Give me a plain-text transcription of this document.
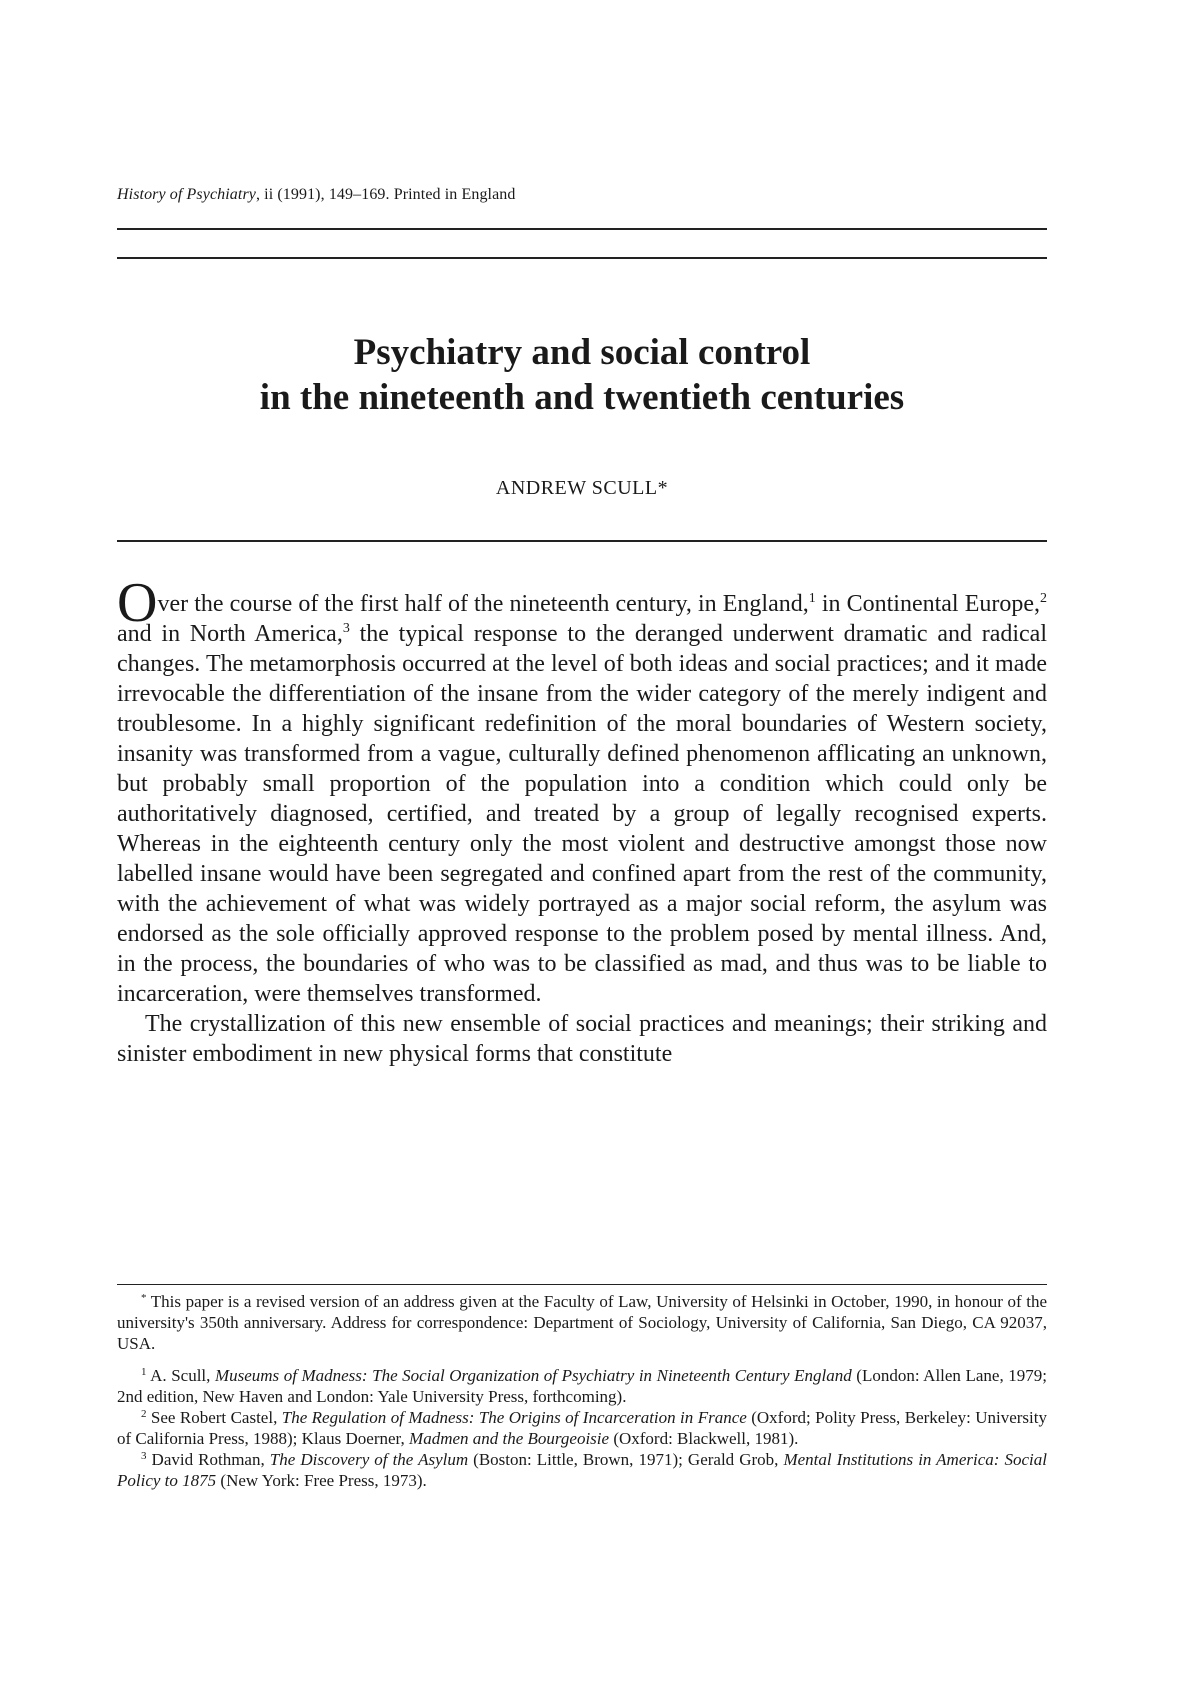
History of Psychiatry, ii (1991), 149–169. Printed in England
Psychiatry and social control
in the nineteenth and twentieth centuries
ANDREW SCULL*

Over the course of the first half of the nineteenth century, in England,$^1$ in Continental Europe,$^2$ and in North America,$^3$ the typical response to the deranged underwent dramatic and radical changes. The metamorphosis occurred at the level of both ideas and social practices; and it made irrevocable the differentiation of the insane from the wider category of the merely indigent and troublesome. In a highly significant redefinition of the moral boundaries of Western society, insanity was transformed from a vague, culturally defined phenomenon afflicating an unknown, but probably small proportion of the population into a condition which could only be authoritatively diagnosed, certified, and treated by a group of legally recognised experts. Whereas in the eighteenth century only the most violent and destructive amongst those now labelled insane would have been segregated and confined apart from the rest of the community, with the achievement of what was widely portrayed as a major social reform, the asylum was endorsed as the sole officially approved response to the problem posed by mental illness. And, in the process, the boundaries of who was to be classified as mad, and thus was to be liable to incarceration, were themselves transformed.

The crystallization of this new ensemble of social practices and meanings; their striking and sinister embodiment in new physical forms that constitute

* This paper is a revised version of an address given at the Faculty of Law, University of Helsinki in October, 1990, in honour of the university's 350th anniversary. Address for correspondence: Department of Sociology, University of California, San Diego, CA 92037, USA.

$^1$ A. Scull, Museums of Madness: The Social Organization of Psychiatry in Nineteenth Century England (London: Allen Lane, 1979; 2nd edition, New Haven and London: Yale University Press, forthcoming).

$^2$ See Robert Castel, The Regulation of Madness: The Origins of Incarceration in France (Oxford; Polity Press, Berkeley: University of California Press, 1988); Klaus Doerner, Madmen and the Bourgeoisie (Oxford: Blackwell, 1981).

$^3$ David Rothman, The Discovery of the Asylum (Boston: Little, Brown, 1971); Gerald Grob, Mental Institutions in America: Social Policy to 1875 (New York: Free Press, 1973).
